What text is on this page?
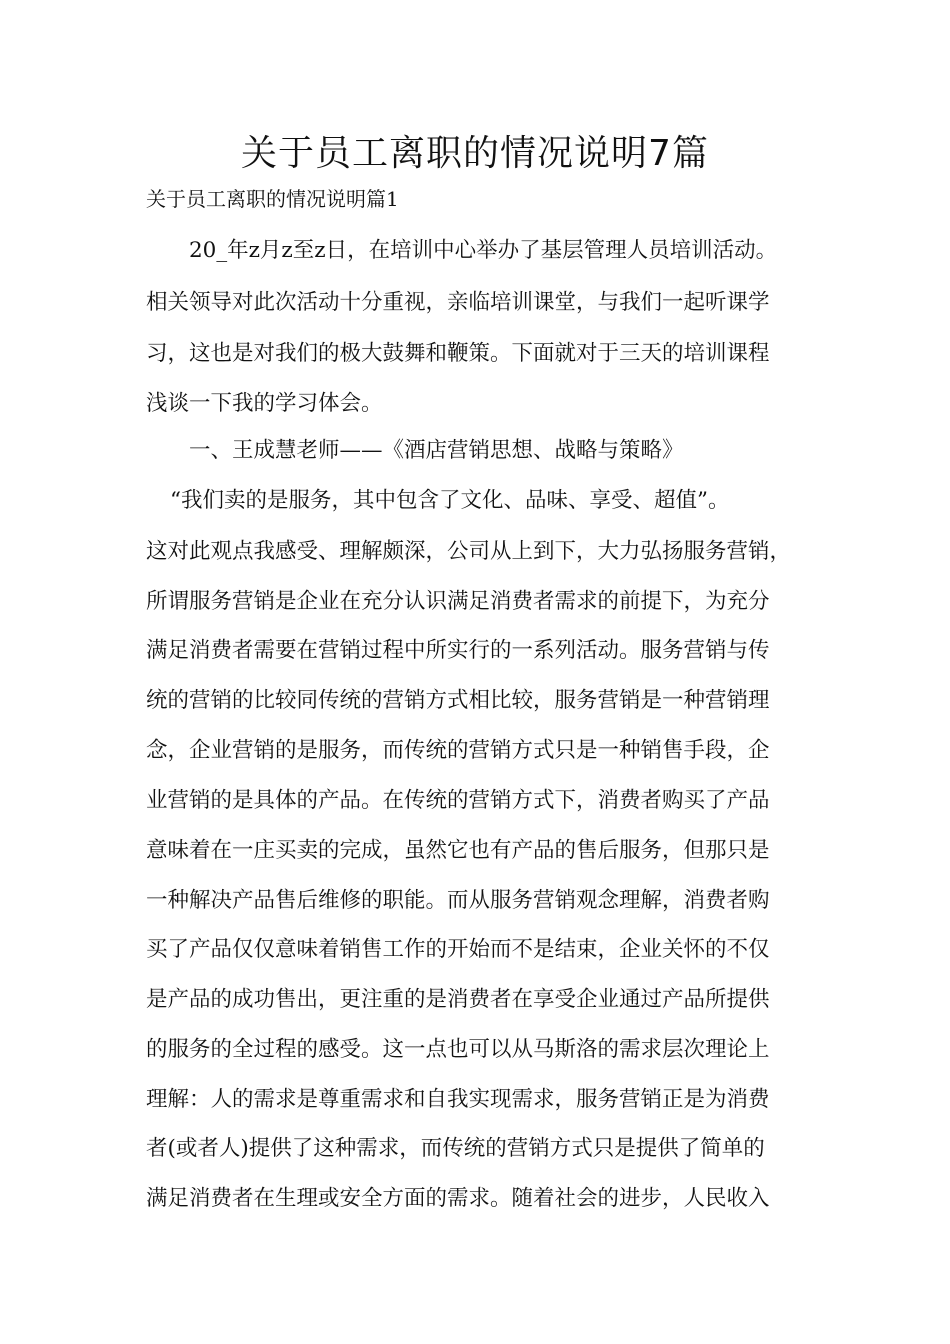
关于员工离职的情况说明7篇

关于员工离职的情况说明篇1

20_年z月z至z日，在培训中心举办了基层管理人员培训活动。

相关领导对此次活动十分重视，亲临培训课堂，与我们一起听课学

习，这也是对我们的极大鼓舞和鞭策。下面就对于三天的培训课程

浅谈一下我的学习体会。

一、王成慧老师——《酒店营销思想、战略与策略》

“我们卖的是服务，其中包含了文化、品味、享受、超值”。

这对此观点我感受、理解颇深，公司从上到下，大力弘扬服务营销，

所谓服务营销是企业在充分认识满足消费者需求的前提下，为充分

满足消费者需要在营销过程中所实行的一系列活动。服务营销与传

统的营销的比较同传统的营销方式相比较，服务营销是一种营销理

念，企业营销的是服务，而传统的营销方式只是一种销售手段，企

业营销的是具体的产品。在传统的营销方式下，消费者购买了产品

意味着在一庄买卖的完成，虽然它也有产品的售后服务，但那只是

一种解决产品售后维修的职能。而从服务营销观念理解，消费者购

买了产品仅仅意味着销售工作的开始而不是结束，企业关怀的不仅

是产品的成功售出，更注重的是消费者在享受企业通过产品所提供

的服务的全过程的感受。这一点也可以从马斯洛的需求层次理论上

理解：人的需求是尊重需求和自我实现需求，服务营销正是为消费

者(或者人)提供了这种需求，而传统的营销方式只是提供了简单的

满足消费者在生理或安全方面的需求。随着社会的进步，人民收入
